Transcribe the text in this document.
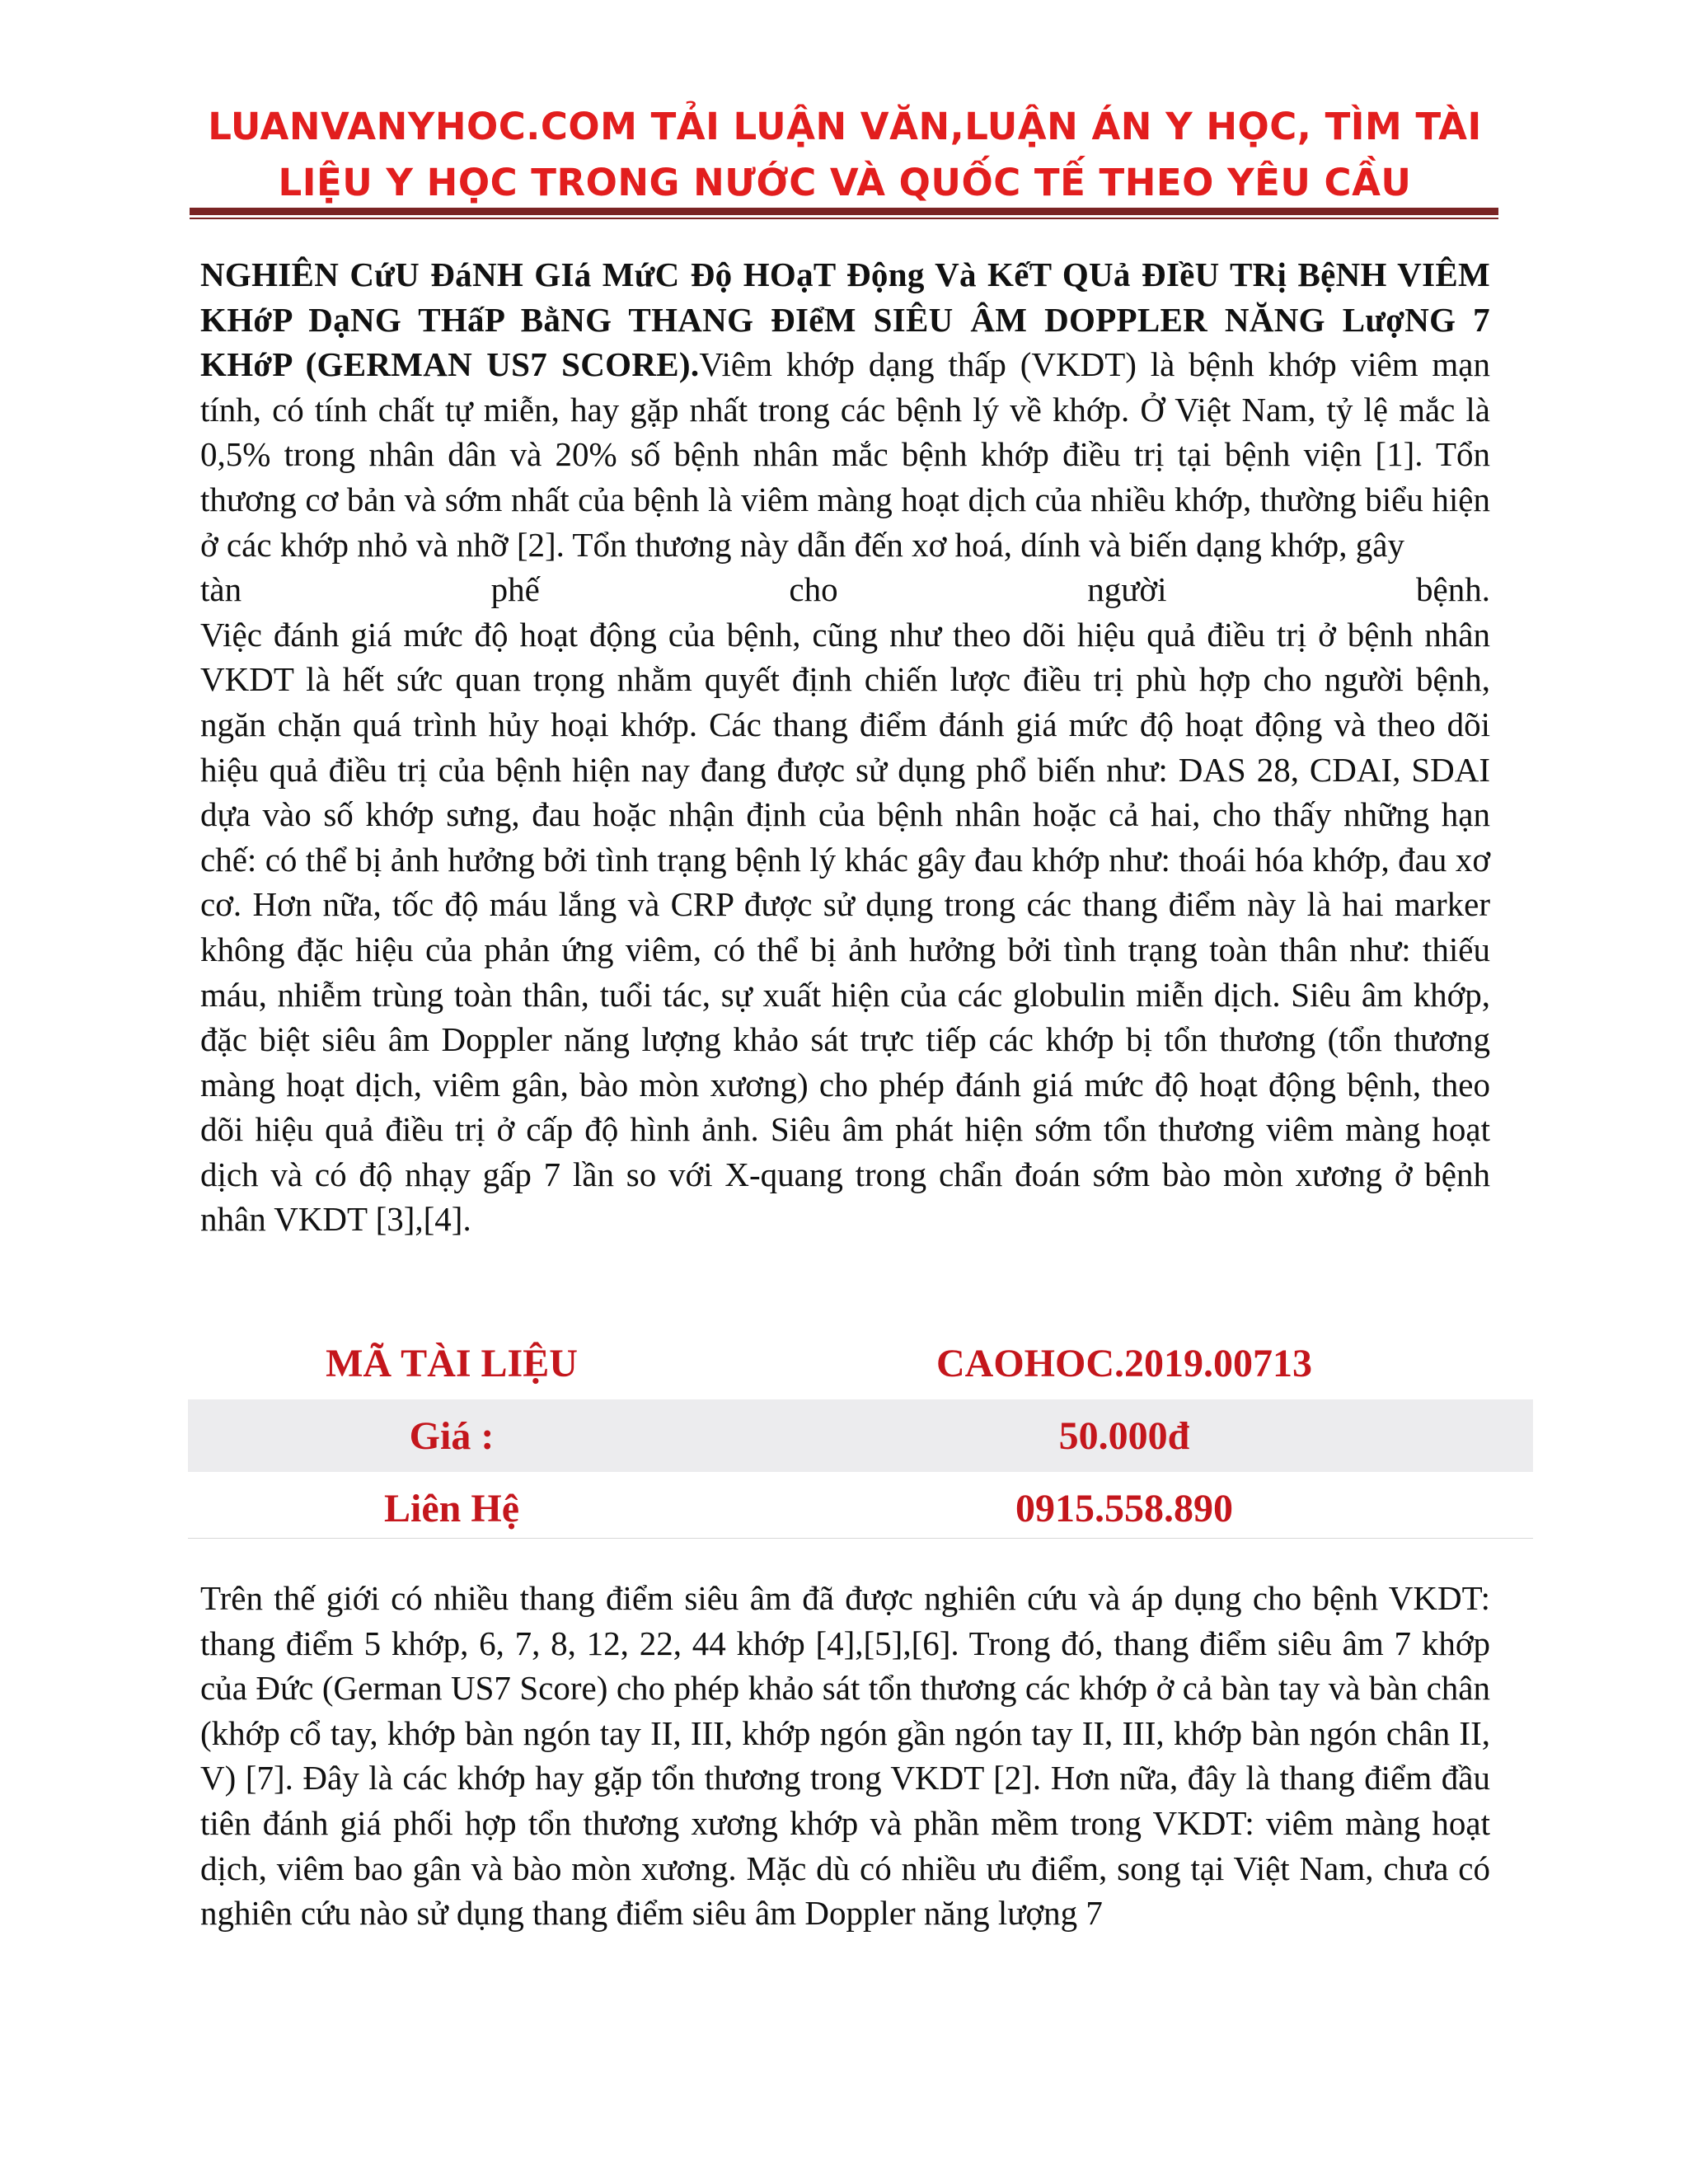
LUANVANYHOC.COM TẢI LUẬN VĂN,LUẬN ÁN Y HỌC, TÌM TÀI
LIỆU Y HỌC TRONG NƯỚC VÀ QUỐC TẾ THEO YÊU CẦU
NGHIÊN CứU ĐáNH GIá MứC Độ HOạT Động Và KếT QUả ĐIềU TRị BệNH VIÊM KHớP DạNG THấP BằNG THANG ĐIểM SIÊU ÂM DOPPLER NĂNG LượNG 7 KHớP (GERMAN US7 SCORE).Viêm khớp dạng thấp (VKDT) là bệnh khớp viêm mạn tính, có tính chất tự miễn, hay gặp nhất trong các bệnh lý về khớp. Ở Việt Nam, tỷ lệ mắc là 0,5% trong nhân dân và 20% số bệnh nhân mắc bệnh khớp điều trị tại bệnh viện [1]. Tổn thương cơ bản và sớm nhất của bệnh là viêm màng hoạt dịch của nhiều khớp, thường biểu hiện ở các khớp nhỏ và nhỡ [2]. Tổn thương này dẫn đến xơ hoá, dính và biến dạng khớp, gây
tàn	phế	cho	người	bệnh.
Việc đánh giá mức độ hoạt động của bệnh, cũng như theo dõi hiệu quả điều trị ở bệnh nhân VKDT là hết sức quan trọng nhằm quyết định chiến lược điều trị phù hợp cho người bệnh, ngăn chặn quá trình hủy hoại khớp. Các thang điểm đánh giá mức độ hoạt động và theo dõi hiệu quả điều trị của bệnh hiện nay đang được sử dụng phổ biến như: DAS 28, CDAI, SDAI dựa vào số khớp sưng, đau hoặc nhận định của bệnh nhân hoặc cả hai, cho thấy những hạn chế: có thể bị ảnh hưởng bởi tình trạng bệnh lý khác gây đau khớp như: thoái hóa khớp, đau xơ cơ. Hơn nữa, tốc độ máu lắng và CRP được sử dụng trong các thang điểm này là hai marker không đặc hiệu của phản ứng viêm, có thể bị ảnh hưởng bởi tình trạng toàn thân như: thiếu máu, nhiễm trùng toàn thân, tuổi tác, sự xuất hiện của các globulin miễn dịch. Siêu âm khớp, đặc biệt siêu âm Doppler năng lượng khảo sát trực tiếp các khớp bị tổn thương (tổn thương màng hoạt dịch, viêm gân, bào mòn xương) cho phép đánh giá mức độ hoạt động bệnh, theo dõi hiệu quả điều trị ở cấp độ hình ảnh. Siêu âm phát hiện sớm tổn thương viêm màng hoạt dịch và có độ nhạy gấp 7 lần so với X-quang trong chẩn đoán sớm bào mòn xương ở bệnh nhân VKDT [3],[4].
MÃ TÀI LIỆU	CAOHOC.2019.00713
Giá :	50.000đ
Liên Hệ	0915.558.890
Trên thế giới có nhiều thang điểm siêu âm đã được nghiên cứu và áp dụng cho bệnh VKDT: thang điểm 5 khớp, 6, 7, 8, 12, 22, 44 khớp [4],[5],[6]. Trong đó, thang điểm siêu âm 7 khớp của Đức (German US7 Score) cho phép khảo sát tổn thương các khớp ở cả bàn tay và bàn chân (khớp cổ tay, khớp bàn ngón tay II, III, khớp ngón gần ngón tay II, III, khớp bàn ngón chân II, V) [7]. Đây là các khớp hay gặp tổn thương trong VKDT [2]. Hơn nữa, đây là thang điểm đầu tiên đánh giá phối hợp tổn thương xương khớp và phần mềm trong VKDT: viêm màng hoạt dịch, viêm bao gân và bào mòn xương. Mặc dù có nhiều ưu điểm, song tại Việt Nam, chưa có nghiên cứu nào sử dụng thang điểm siêu âm Doppler năng lượng 7
